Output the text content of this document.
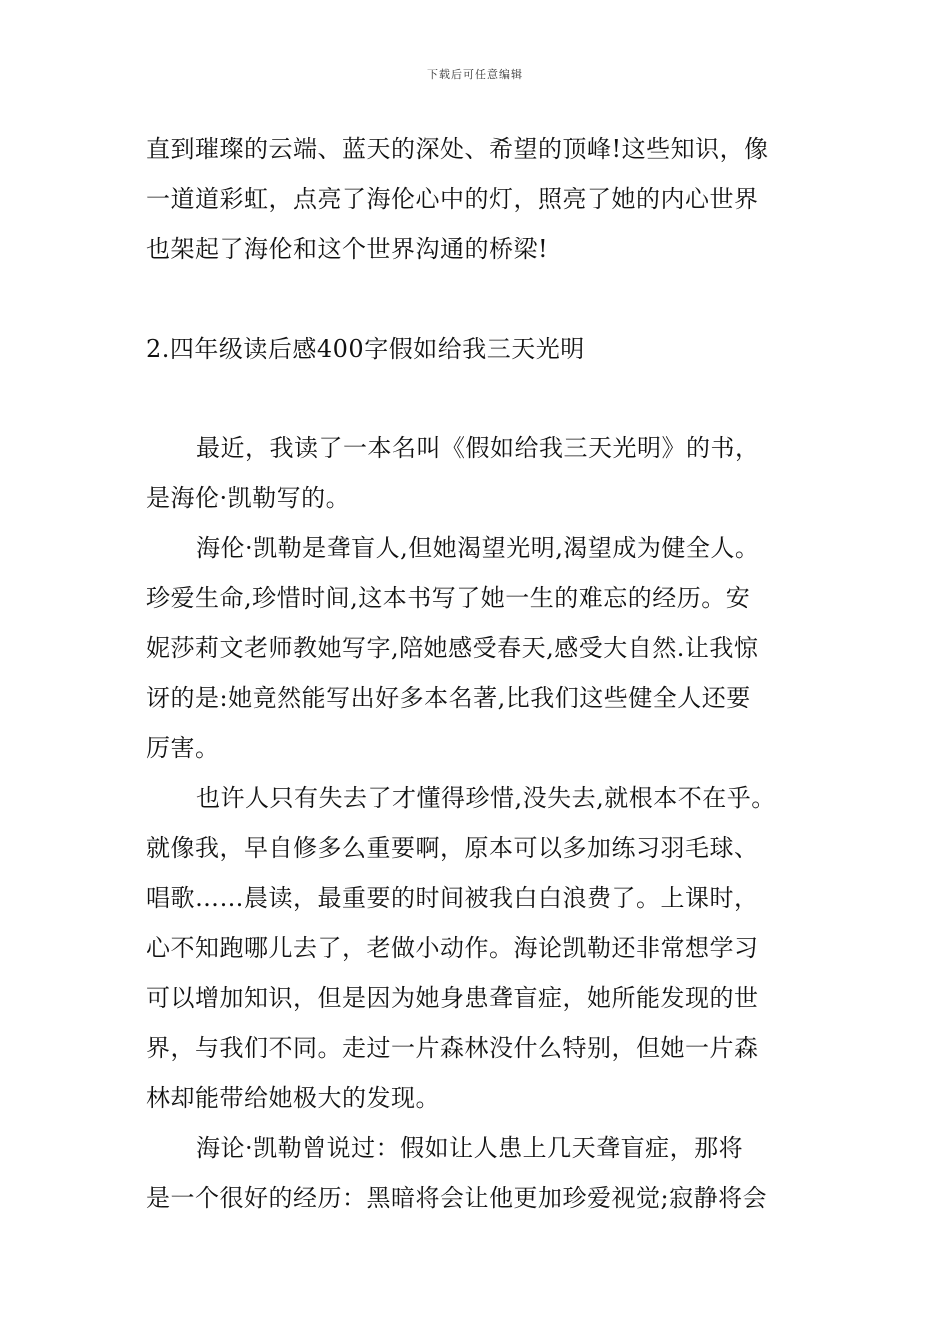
下载后可任意编辑
直到璀璨的云端、蓝天的深处、希望的顶峰!这些知识，像
一道道彩虹，点亮了海伦心中的灯，照亮了她的内心世界
也架起了海伦和这个世界沟通的桥梁!
2.四年级读后感400字假如给我三天光明
最近，我读了一本名叫《假如给我三天光明》的书，
是海伦·凯勒写的。
海伦·凯勒是聋盲人,但她渴望光明,渴望成为健全人。
珍爱生命,珍惜时间,这本书写了她一生的难忘的经历。安
妮莎莉文老师教她写字,陪她感受春天,感受大自然.让我惊
讶的是:她竟然能写出好多本名著,比我们这些健全人还要
厉害。
也许人只有失去了才懂得珍惜,没失去,就根本不在乎。
就像我，早自修多么重要啊，原本可以多加练习羽毛球、
唱歌……晨读，最重要的时间被我白白浪费了。上课时，
心不知跑哪儿去了，老做小动作。海论凯勒还非常想学习
可以增加知识，但是因为她身患聋盲症，她所能发现的世
界，与我们不同。走过一片森林没什么特别，但她一片森
林却能带给她极大的发现。
海论·凯勒曾说过：假如让人患上几天聋盲症，那将
是一个很好的经历：黑暗将会让他更加珍爱视觉;寂静将会
